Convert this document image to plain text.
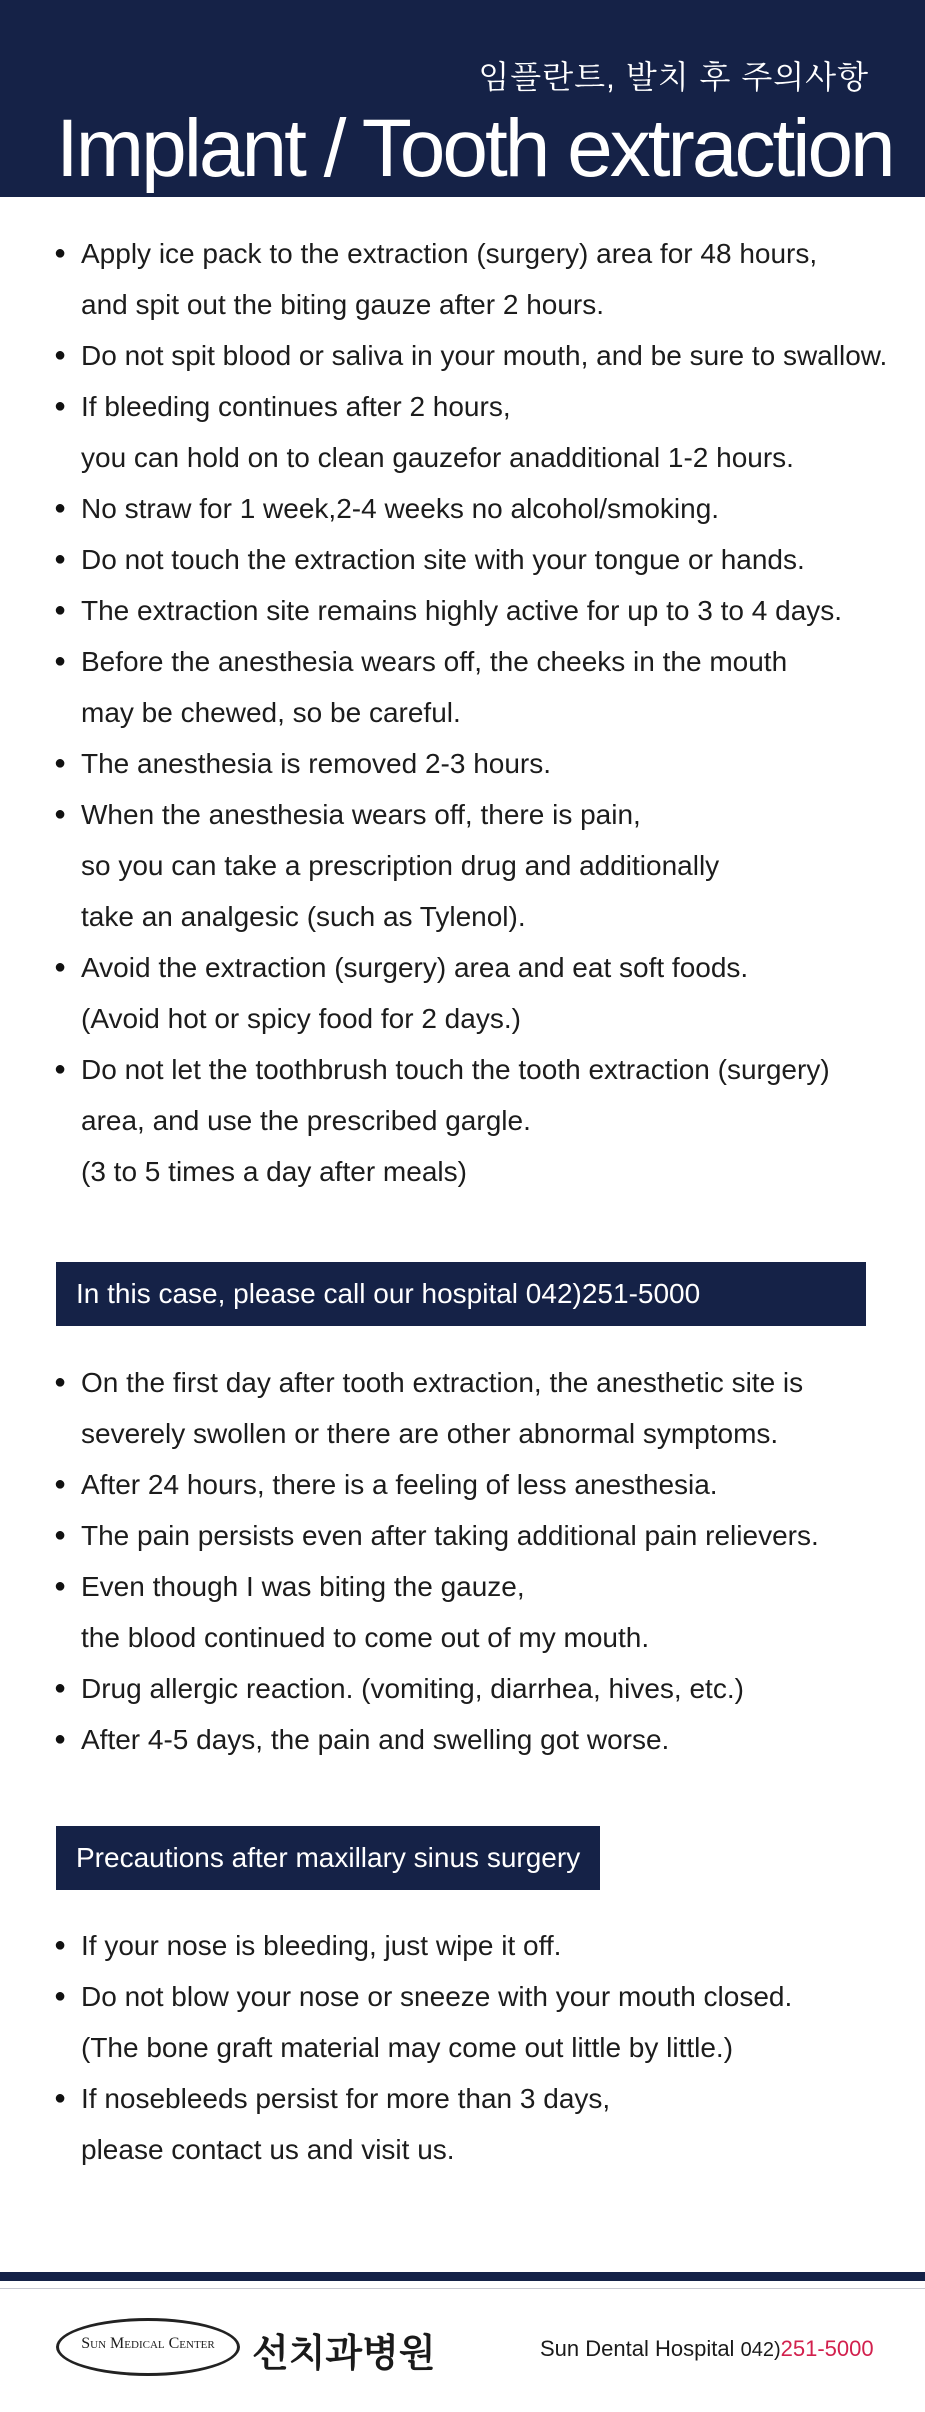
임플란트, 발치 후 주의사항
Implant / Tooth extraction
● Apply ice pack to the extraction (surgery) area for 48 hours,
and spit out the biting gauze after 2 hours.
● Do not spit blood or saliva in your mouth, and be sure to swallow.
● If bleeding continues after 2 hours,
you can hold on to clean gauzefor anadditional 1-2 hours.
● No straw for 1 week,2-4 weeks no alcohol/smoking.
● Do not touch the extraction site with your tongue or hands.
● The extraction site remains highly active for up to 3 to 4 days.
● Before the anesthesia wears off, the cheeks in the mouth
may be chewed, so be careful.
● The anesthesia is removed 2-3 hours.
● When the anesthesia wears off, there is pain,
so you can take a prescription drug and additionally
take an analgesic (such as Tylenol).
● Avoid the extraction (surgery) area and eat soft foods.
(Avoid hot or spicy food for 2 days.)
● Do not let the toothbrush touch the tooth extraction (surgery)
area, and use the prescribed gargle.
(3 to 5 times a day after meals)
In this case, please call our hospital 042)251-5000
● On the first day after tooth extraction, the anesthetic site is
severely swollen or there are other abnormal symptoms.
● After 24 hours, there is a feeling of less anesthesia.
● The pain persists even after taking additional pain relievers.
● Even though I was biting the gauze,
the blood continued to come out of my mouth.
● Drug allergic reaction. (vomiting, diarrhea, hives, etc.)
● After 4-5 days, the pain and swelling got worse.
Precautions after maxillary sinus surgery
● If your nose is bleeding, just wipe it off.
● Do not blow your nose or sneeze with your mouth closed.
(The bone graft material may come out little by little.)
● If nosebleeds persist for more than 3 days,
please contact us and visit us.
Sun Medical Center 선치과병원	Sun Dental Hospital 042)251-5000
